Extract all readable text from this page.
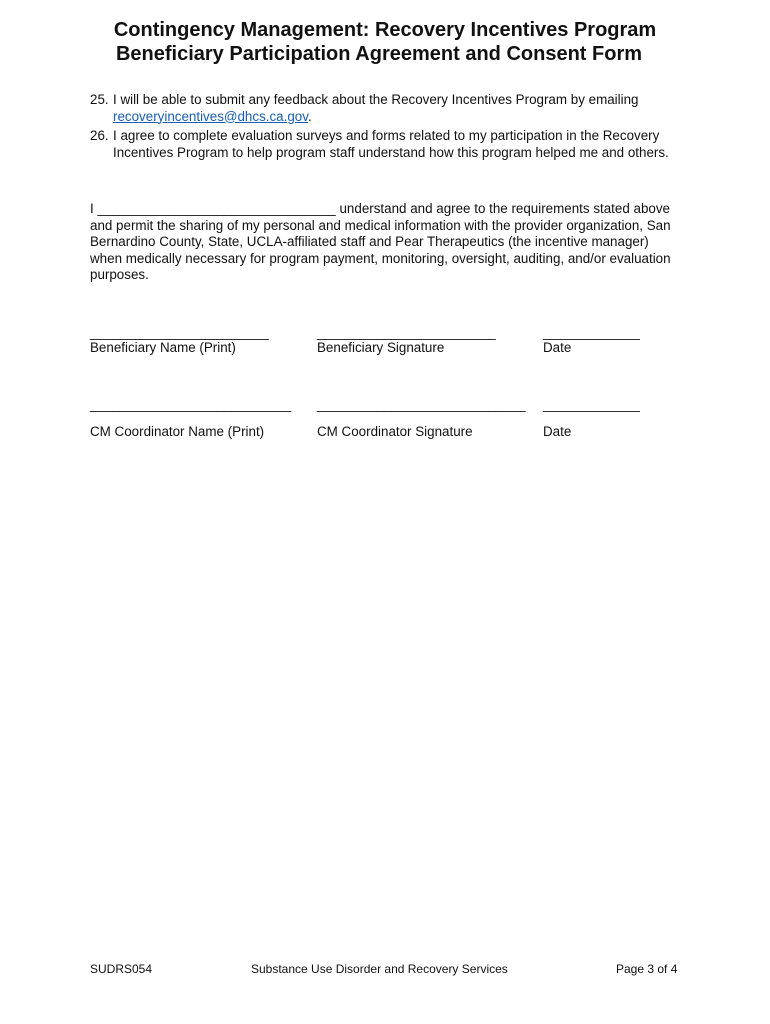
Contingency Management: Recovery Incentives Program
Beneficiary Participation Agreement and Consent Form
25. I will be able to submit any feedback about the Recovery Incentives Program by emailing recoveryincentives@dhcs.ca.gov.
26. I agree to complete evaluation surveys and forms related to my participation in the Recovery Incentives Program to help program staff understand how this program helped me and others.
I ________________________________ understand and agree to the requirements stated above and permit the sharing of my personal and medical information with the provider organization, San Bernardino County, State, UCLA-affiliated staff and Pear Therapeutics (the incentive manager) when medically necessary for program payment, monitoring, oversight, auditing, and/or evaluation purposes.
________________________	________________________	_____________
Beneficiary Name (Print)	Beneficiary Signature	Date
___________________________ ____________________________ _____________
CM Coordinator Name (Print)	CM Coordinator Signature	Date
SUDRS054	Substance Use Disorder and Recovery Services	Page 3 of 4
